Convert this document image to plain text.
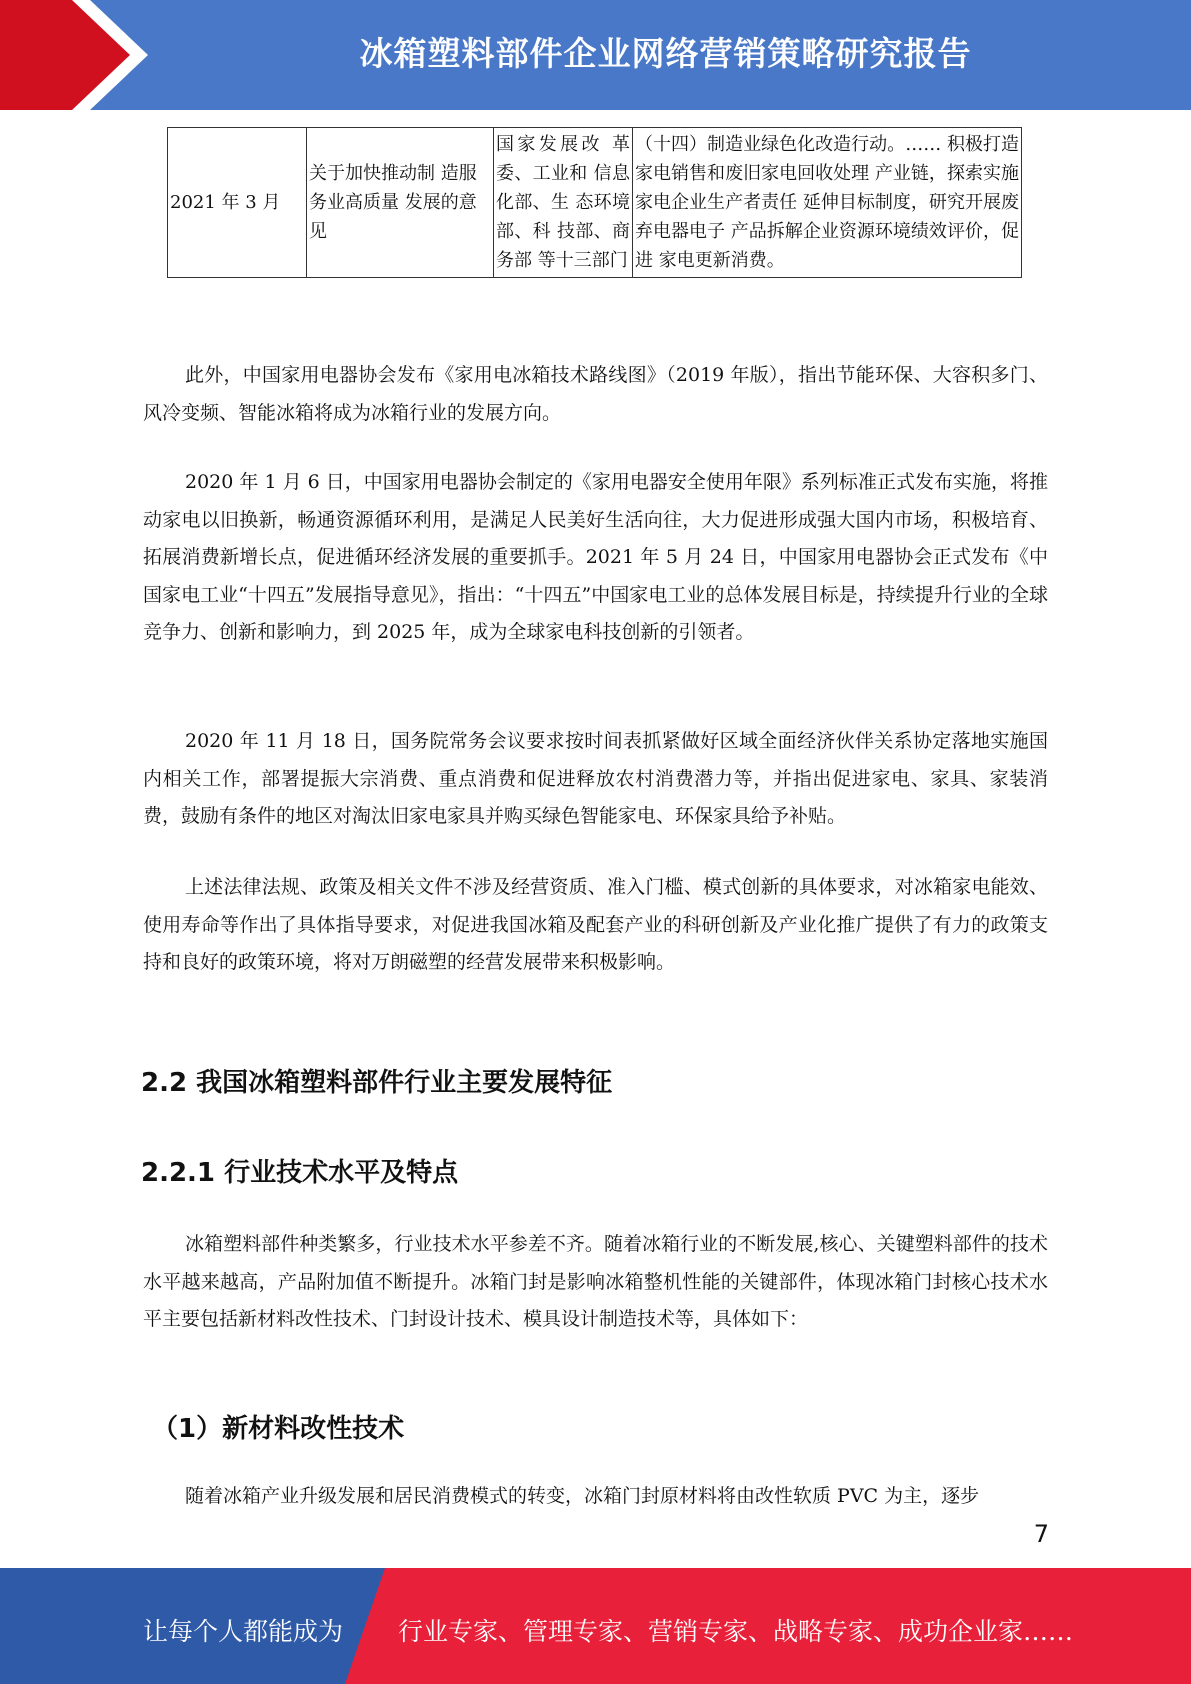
冰箱塑料部件企业网络营销策略研究报告
2021 年 3 月	关于加快推动制 造服务业高质量 发展的意见	国家发展改 革委、工业和 信息化部、生 态环境部、科 技部、商务部 等十三部门	（十四）制造业绿色化改造行动。…… 积极打造家电销售和废旧家电回收处理 产业链，探索实施家电企业生产者责任 延伸目标制度，研究开展废弃电器电子 产品拆解企业资源环境绩效评价，促进 家电更新消费。

此外，中国家用电器协会发布《家用电冰箱技术路线图》（2019 年版），指出节能环保、大容积多门、风冷变频、智能冰箱将成为冰箱行业的发展方向。

2020 年 1 月 6 日，中国家用电器协会制定的《家用电器安全使用年限》系列标准正式发布实施，将推动家电以旧换新，畅通资源循环利用，是满足人民美好生活向往，大力促进形成强大国内市场，积极培育、拓展消费新增长点，促进循环经济发展的重要抓手。2021 年 5 月 24 日，中国家用电器协会正式发布《中国家电工业“十四五”发展指导意见》，指出：“十四五”中国家电工业的总体发展目标是，持续提升行业的全球竞争力、创新和影响力，到 2025 年，成为全球家电科技创新的引领者。

2020 年 11 月 18 日，国务院常务会议要求按时间表抓紧做好区域全面经济伙伴关系协定落地实施国内相关工作，部署提振大宗消费、重点消费和促进释放农村消费潜力等，并指出促进家电、家具、家装消费，鼓励有条件的地区对淘汰旧家电家具并购买绿色智能家电、环保家具给予补贴。

上述法律法规、政策及相关文件不涉及经营资质、准入门槛、模式创新的具体要求，对冰箱家电能效、使用寿命等作出了具体指导要求，对促进我国冰箱及配套产业的科研创新及产业化推广提供了有力的政策支持和良好的政策环境，将对万朗磁塑的经营发展带来积极影响。

2.2 我国冰箱塑料部件行业主要发展特征
2.2.1 行业技术水平及特点

冰箱塑料部件种类繁多，行业技术水平参差不齐。随着冰箱行业的不断发展,核心、关键塑料部件的技术水平越来越高，产品附加值不断提升。冰箱门封是影响冰箱整机性能的关键部件，体现冰箱门封核心技术水平主要包括新材料改性技术、门封设计技术、模具设计制造技术等，具体如下：

（1）新材料改性技术

随着冰箱产业升级发展和居民消费模式的转变，冰箱门封原材料将由改性软质 PVC 为主，逐步

7
让每个人都能成为 行业专家、管理专家、营销专家、战略专家、成功企业家……
